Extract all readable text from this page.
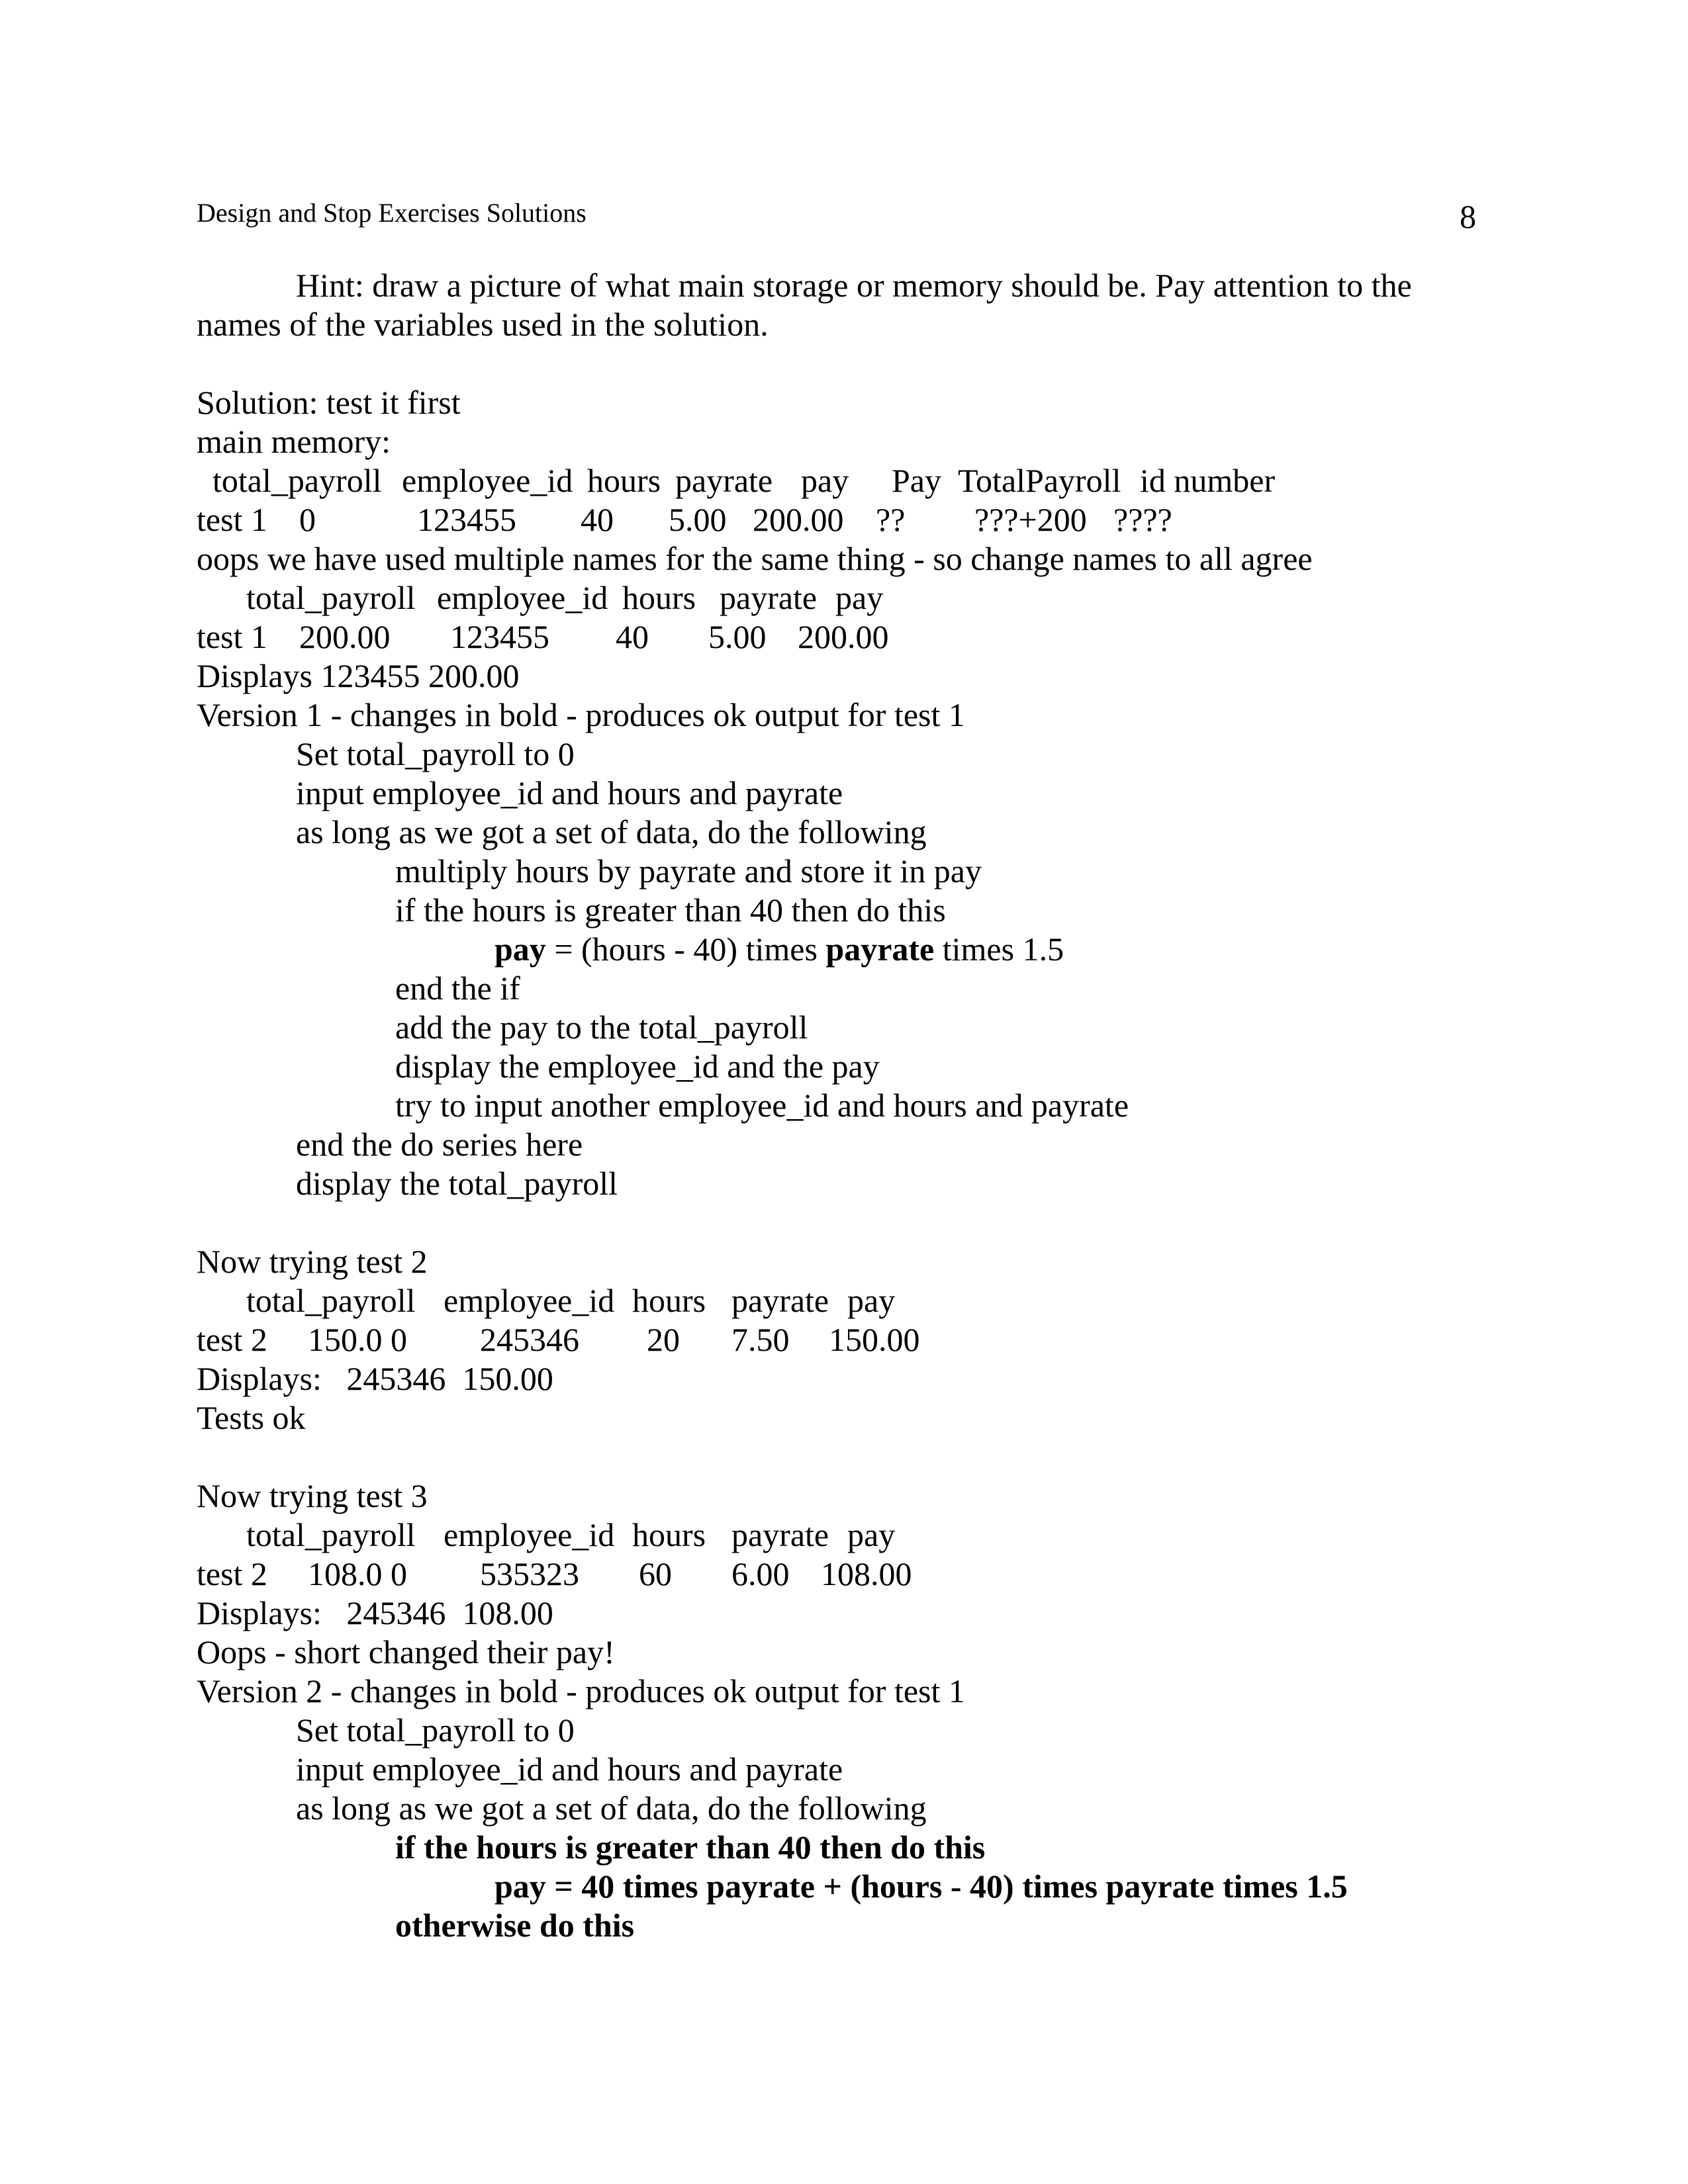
Design and Stop Exercises Solutions	8
Hint: draw a picture of what main storage or memory should be. Pay attention to the
names of the variables used in the solution.
Solution: test it first
main memory:
total_payroll employee_id hours payrate pay Pay TotalPayroll id number
test 1 0	123455 40 5.00 200.00 ?? ???+200 ????
oops we have used multiple names for the same thing - so change names to all agree
total_payroll employee_id hours payrate pay
test 1 200.00 123455 40 5.00 200.00
Displays 123455 200.00
Version 1 - changes in bold - produces ok output for test 1
Set total_payroll to 0
input employee_id and hours and payrate
as long as we got a set of data, do the following
multiply hours by payrate and store it in pay
if the hours is greater than 40 then do this
pay = (hours - 40) times payrate times 1.5
end the if
add the pay to the total_payroll
display the employee_id and the pay
try to input another employee_id and hours and payrate
end the do series here
display the total_payroll
Now trying test 2
total_payroll employee_id hours payrate pay
test 2 150.0 0 245346 20 7.50 150.00
Displays:   245346  150.00
Tests ok
Now trying test 3
total_payroll employee_id hours payrate pay
test 2 108.0 0 535323 60 6.00 108.00
Displays:   245346  108.00
Oops - short changed their pay!
Version 2 - changes in bold - produces ok output for test 1
Set total_payroll to 0
input employee_id and hours and payrate
as long as we got a set of data, do the following
if the hours is greater than 40 then do this
pay = 40 times payrate + (hours - 40) times payrate times 1.5
otherwise do this
